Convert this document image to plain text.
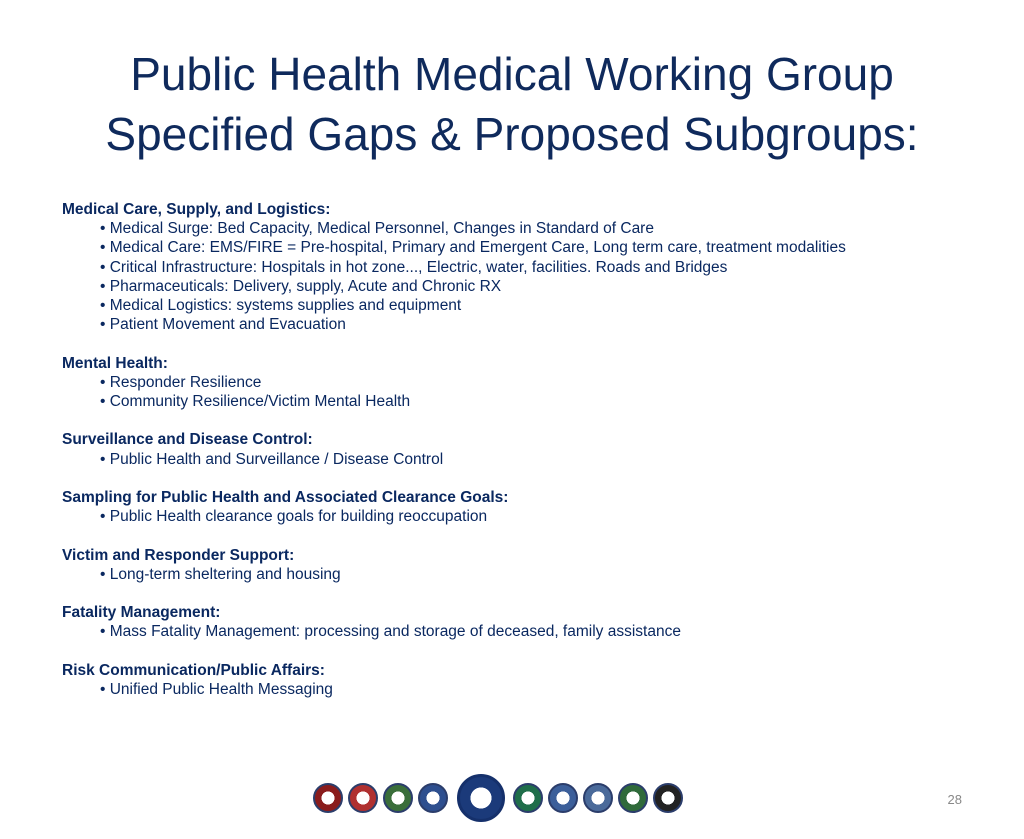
Public Health Medical Working Group
Specified Gaps & Proposed Subgroups:
Medical Care, Supply, and Logistics:
• Medical Surge: Bed Capacity, Medical Personnel, Changes in Standard of Care
• Medical Care: EMS/FIRE = Pre-hospital, Primary and Emergent Care, Long term care, treatment modalities
• Critical Infrastructure: Hospitals in hot zone..., Electric, water, facilities. Roads and Bridges
• Pharmaceuticals: Delivery, supply, Acute and Chronic RX
• Medical Logistics: systems supplies and equipment
• Patient Movement and Evacuation
Mental Health:
• Responder Resilience
• Community Resilience/Victim Mental Health
Surveillance and Disease Control:
• Public Health and Surveillance / Disease Control
Sampling for Public Health and Associated Clearance Goals:
• Public Health clearance goals for building reoccupation
Victim and Responder Support:
• Long-term sheltering and housing
Fatality Management:
• Mass Fatality Management: processing and storage of deceased, family assistance
Risk Communication/Public Affairs:
• Unified Public Health Messaging
28
